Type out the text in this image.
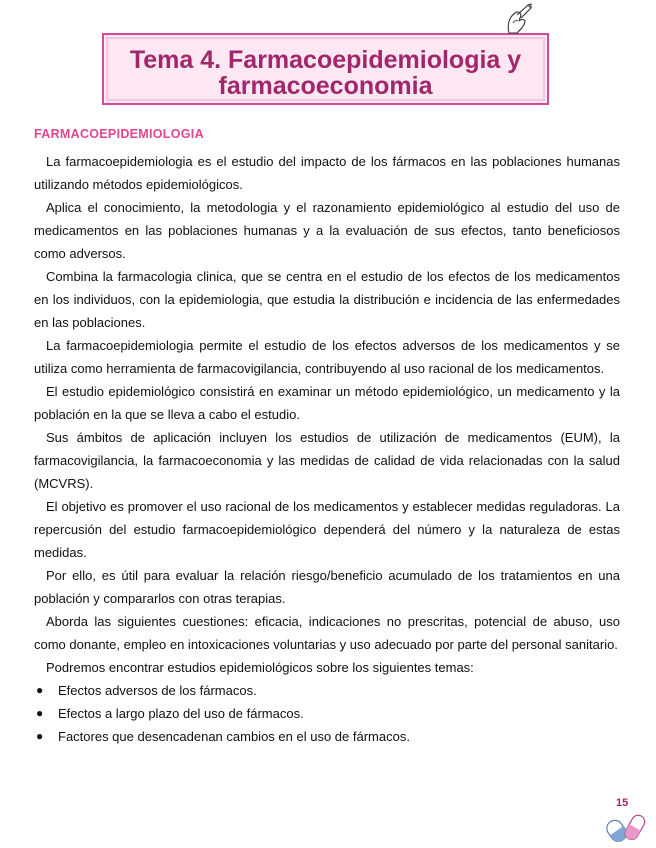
Tema 4. Farmacoepidemiologia y
farmacoeconomia
FARMACOEPIDEMIOLOGIA

La farmacoepidemiologia es el estudio del impacto de los fármacos en las poblaciones humanas utilizando métodos epidemiológicos.

Aplica el conocimiento, la metodologia y el razonamiento epidemiológico al estudio del uso de medicamentos en las poblaciones humanas y a la evaluación de sus efectos, tanto beneficiosos como adversos.

Combina la farmacologia clinica, que se centra en el estudio de los efectos de los medicamentos en los individuos, con la epidemiologia, que estudia la distribución e incidencia de las enfermedades en las poblaciones.

La farmacoepidemiologia permite el estudio de los efectos adversos de los medicamentos y se utiliza como herramienta de farmacovigilancia, contribuyendo al uso racional de los medicamentos.

El estudio epidemiológico consistirá en examinar un método epidemiológico, un medicamento y la población en la que se lleva a cabo el estudio.

Sus ámbitos de aplicación incluyen los estudios de utilización de medicamentos (EUM), la farmacovigilancia, la farmacoeconomia y las medidas de calidad de vida relacionadas con la salud (MCVRS).

El objetivo es promover el uso racional de los medicamentos y establecer medidas reguladoras. La repercusión del estudio farmacoepidemiológico dependerá del número y la naturaleza de estas medidas.

Por ello, es útil para evaluar la relación riesgo/beneficio acumulado de los tratamientos en una población y compararlos con otras terapias.

Aborda las siguientes cuestiones: eficacia, indicaciones no prescritas, potencial de abuso, uso como donante, empleo en intoxicaciones voluntarias y uso adecuado por parte del personal sanitario.

Podremos encontrar estudios epidemiológicos sobre los siguientes temas:

● Efectos adversos de los fármacos.
● Efectos a largo plazo del uso de fármacos.
● Factores que desencadenan cambios en el uso de fármacos.
15
